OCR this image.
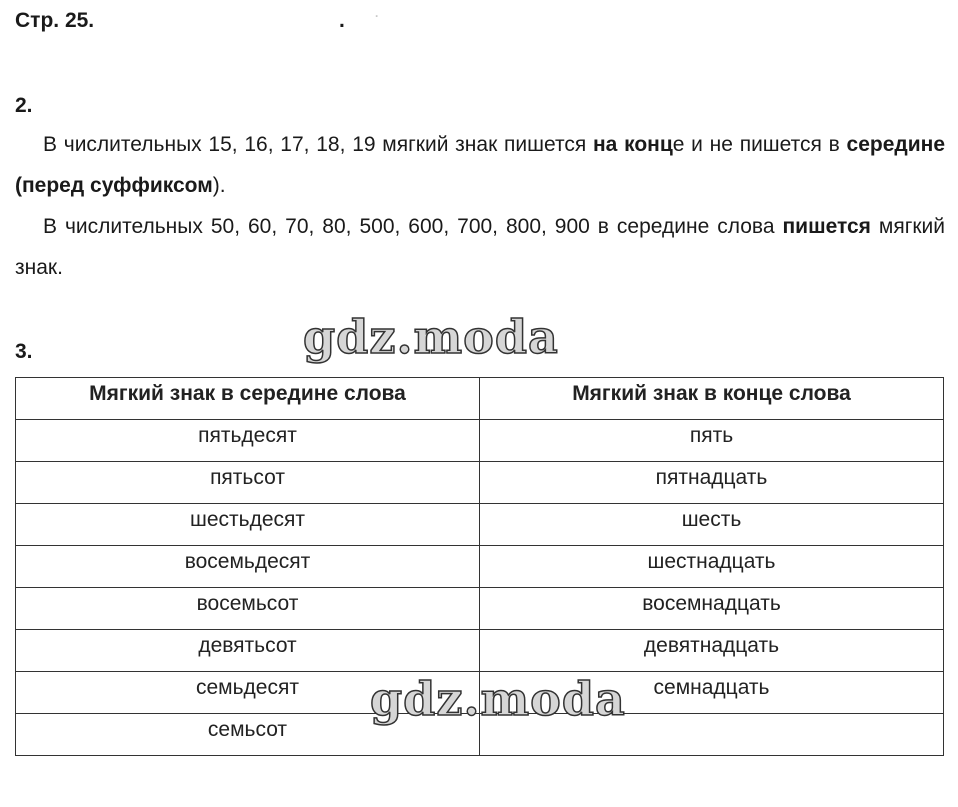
Стр. 25.	.	.
2.

В числительных 15, 16, 17, 18, 19 мягкий знак пишется на конце и не пишется в середине (перед суффиксом).

В числительных 50, 60, 70, 80, 500, 600, 700, 800, 900 в середине слова пишется мягкий знак.

3.	gdz.moda
Мягкий знак в середине слова	Мягкий знак в конце слова
пятьдесят	пять
пятьсот	пятнадцать
шестьдесят	шесть
восемьдесят	шестнадцать
восемьсот	восемнадцать
девятьсот	девятнадцать
семьдесят	семнадцать
семьсот	
gdz.moda
